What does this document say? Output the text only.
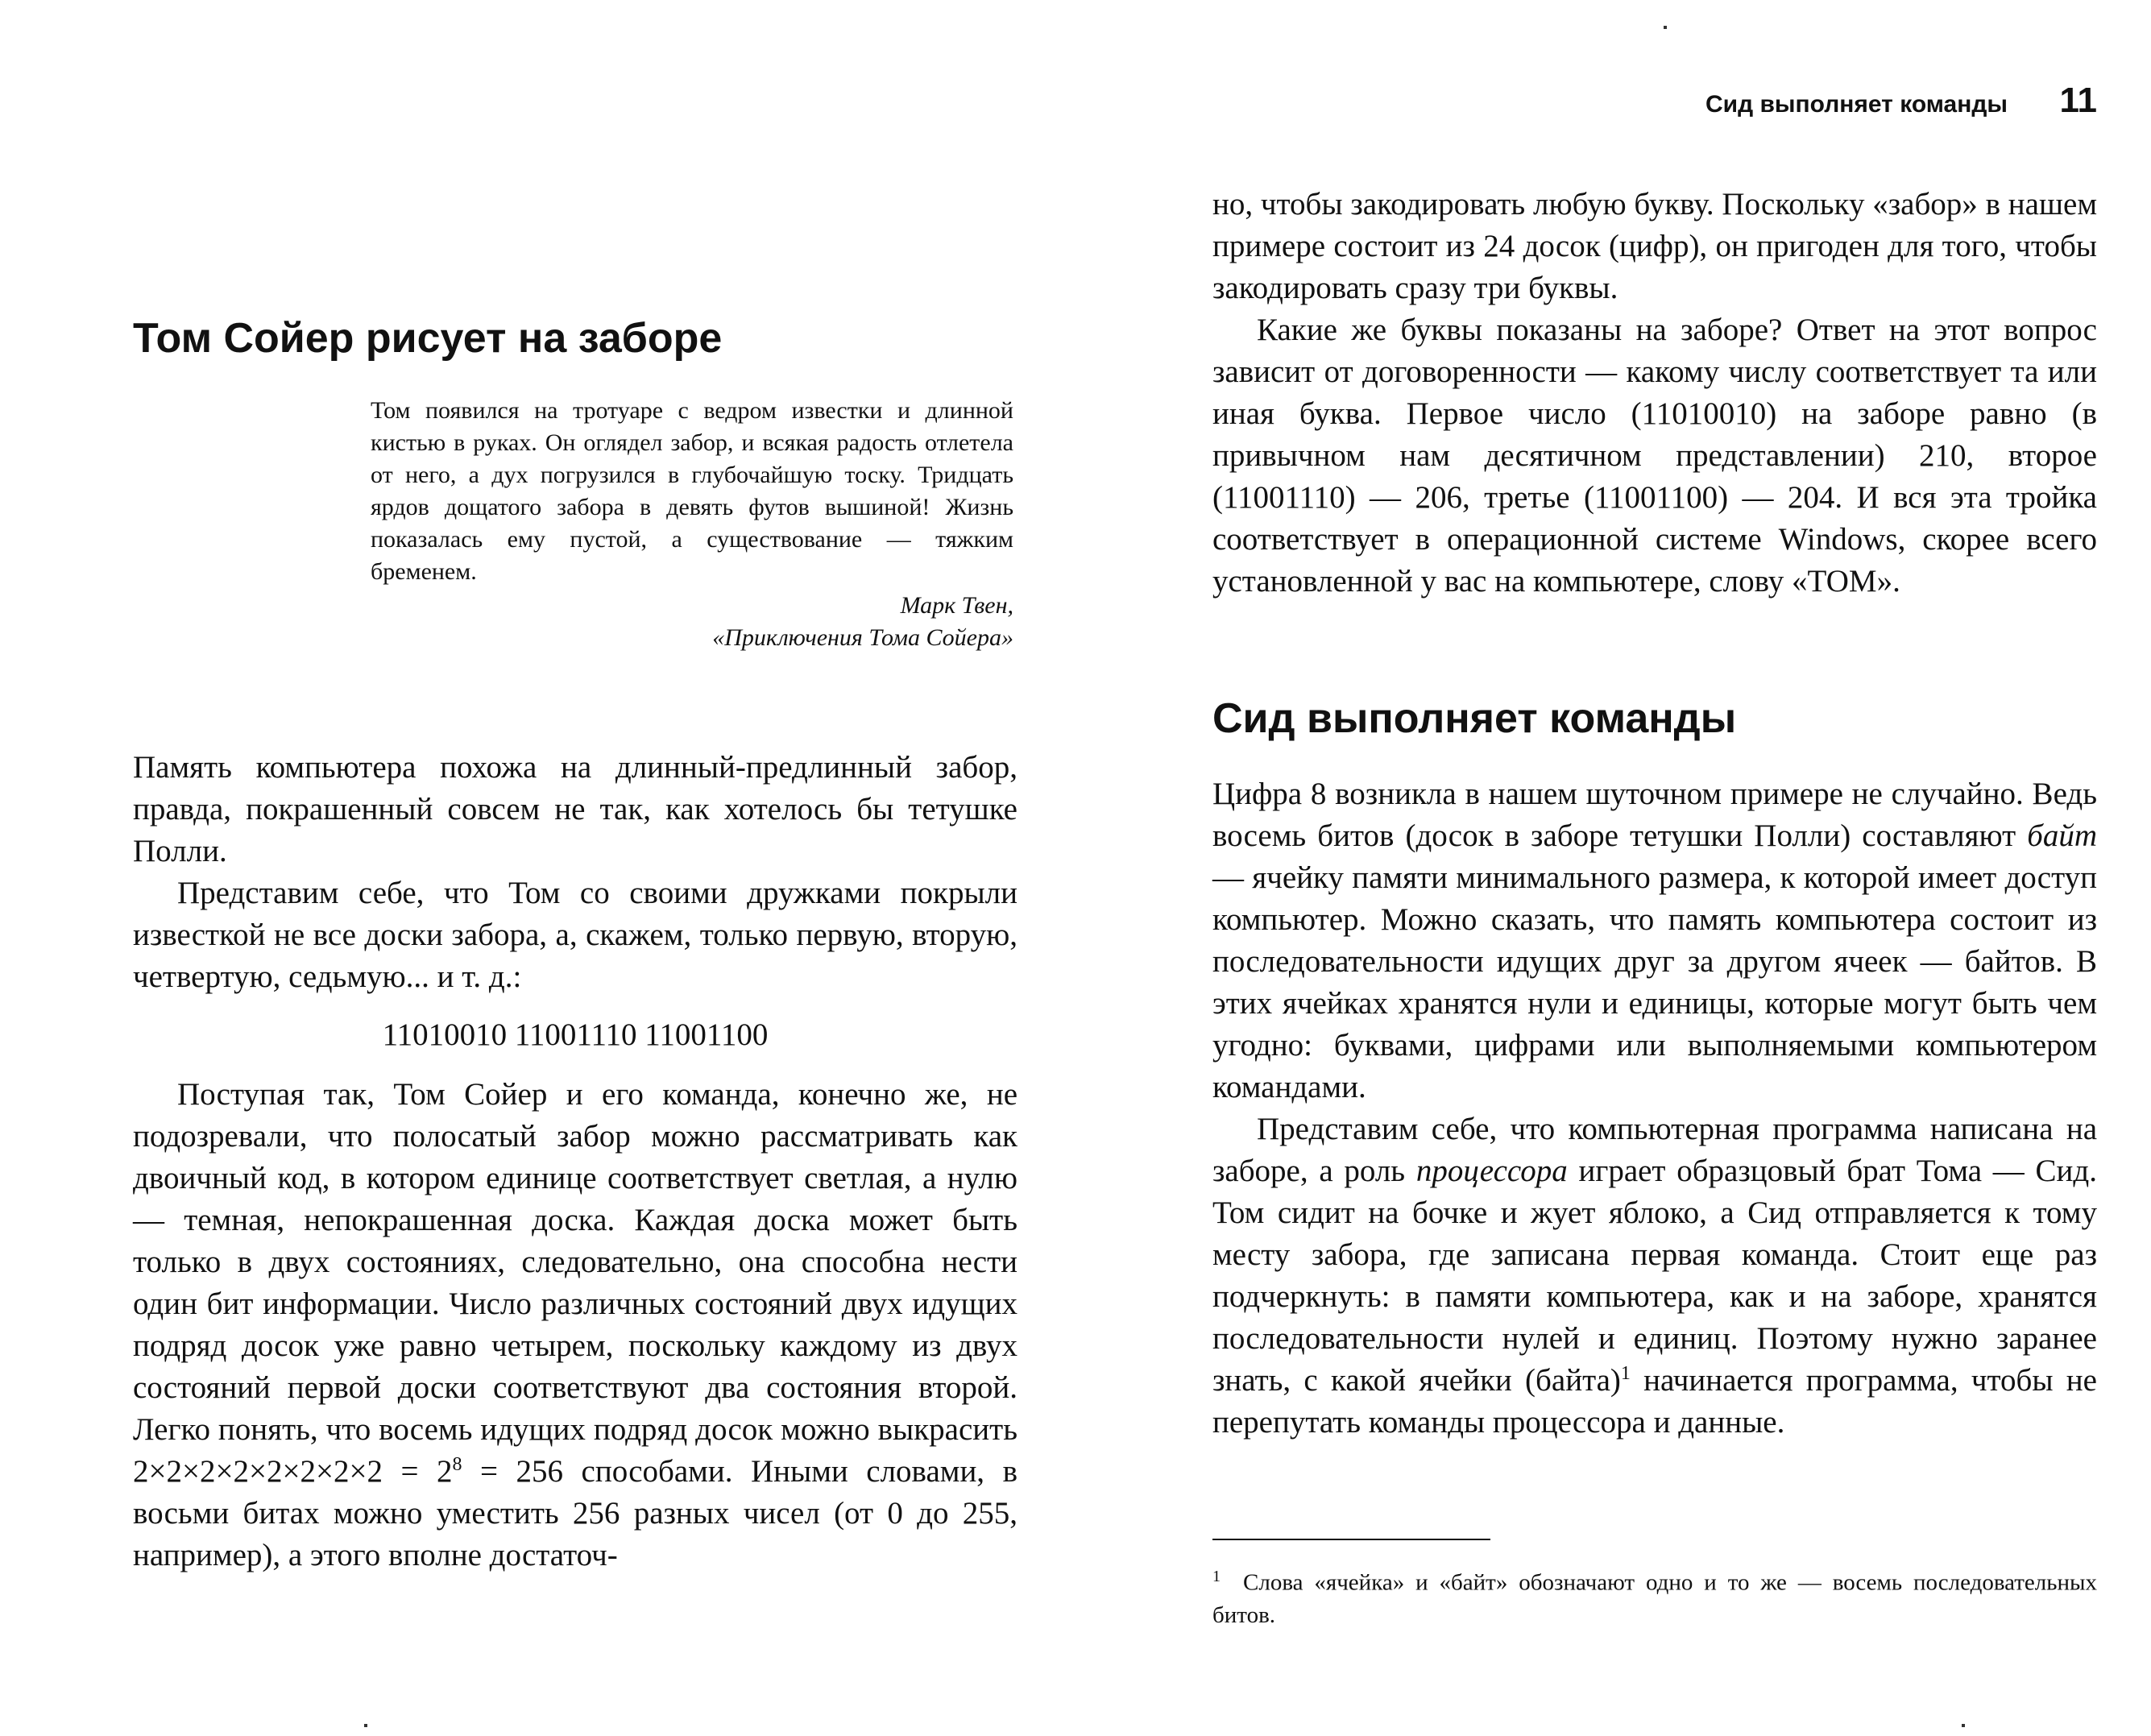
Сид выполняет команды 11
Том Сойер рисует на заборе
Том появился на тротуаре с ведром известки и длинной кистью в руках. Он оглядел забор, и всякая радость отлетела от него, а дух погрузился в глубочайшую тоску. Тридцать ярдов дощатого забора в девять футов вышиной! Жизнь показалась ему пустой, а существование — тяжким бременем.
Марк Твен,
«Приключения Тома Сойера»

Память компьютера похожа на длинный-предлинный забор, правда, покрашенный совсем не так, как хотелось бы тетушке Полли.

Представим себе, что Том со своими дружками покрыли известкой не все доски забора, а, скажем, только первую, вторую, четвертую, седьмую... и т. д.:

11010010 11001110 11001100

Поступая так, Том Сойер и его команда, конечно же, не подозревали, что полосатый забор можно рассматривать как двоичный код, в котором единице соответствует светлая, а нулю — темная, непокрашенная доска. Каждая доска может быть только в двух состояниях, следовательно, она способна нести один бит информации. Число различных состояний двух идущих подряд досок уже равно четырем, поскольку каждому из двух состояний первой доски соответствуют два состояния второй. Легко понять, что восемь идущих подряд досок можно выкрасить $2\times 2\times 2\times 2\times 2\times 2\times 2\times 2 = 2^8 = 256$ способами. Иными словами, в восьми битах можно уместить 256 разных чисел (от 0 до 255, например), а этого вполне достаточ-

но, чтобы закодировать любую букву. Поскольку «забор» в нашем примере состоит из 24 досок (цифр), он пригоден для того, чтобы закодировать сразу три буквы.

Какие же буквы показаны на заборе? Ответ на этот вопрос зависит от договоренности — какому числу соответствует та или иная буква. Первое число (11010010) на заборе равно (в привычном нам десятичном представлении) 210, второе (11001110) — 206, третье (11001100) — 204. И вся эта тройка соответствует в операционной системе Windows, скорее всего установленной у вас на компьютере, слову «ТОМ».

Сид выполняет команды

Цифра 8 возникла в нашем шуточном примере не случайно. Ведь восемь битов (досок в заборе тетушки Полли) составляют байт — ячейку памяти минимального размера, к которой имеет доступ компьютер. Можно сказать, что память компьютера состоит из последовательности идущих друг за другом ячеек — байтов. В этих ячейках хранятся нули и единицы, которые могут быть чем угодно: буквами, цифрами или выполняемыми компьютером командами.

Представим себе, что компьютерная программа написана на заборе, а роль процессора играет образцовый брат Тома — Сид. Том сидит на бочке и жует яблоко, а Сид отправляется к тому месту забора, где записана первая команда. Стоит еще раз подчеркнуть: в памяти компьютера, как и на заборе, хранятся последовательности нулей и единиц. Поэтому нужно заранее знать, с какой ячейки (байта)$^1$ начинается программа, чтобы не перепутать команды процессора и данные.

$^1$ Слова «ячейка» и «байт» обозначают одно и то же — восемь последовательных битов.
